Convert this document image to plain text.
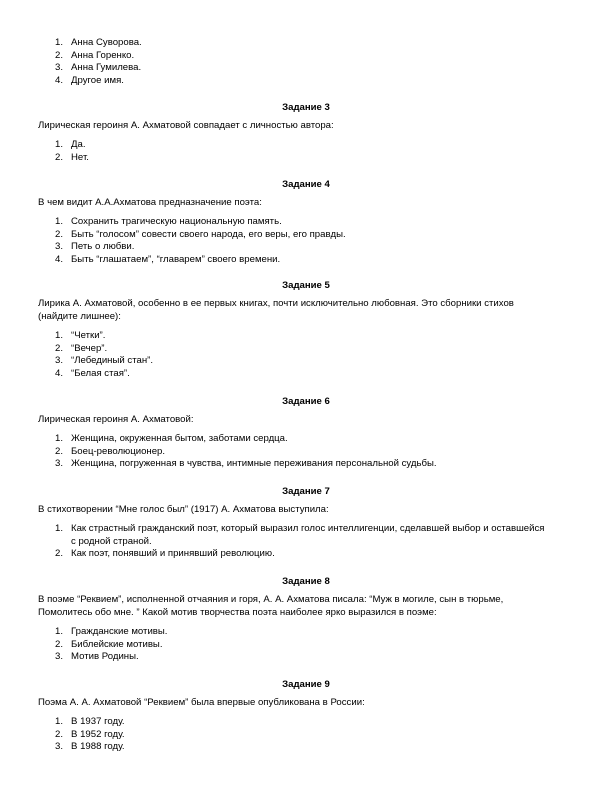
1. Анна Суворова.
2. Анна Горенко.
3. Анна Гумилева.
4. Другое имя.
Задание 3
Лирическая героиня А. Ахматовой совпадает с личностью автора:
1. Да.
2. Нет.
Задание 4
В чем видит А.А.Ахматова предназначение поэта:
1. Сохранить трагическую национальную память.
2. Быть “голосом” совести своего народа, его веры, его правды.
3. Петь о любви.
4. Быть “глашатаем”, “главарем” своего времени.
Задание 5
Лирика А. Ахматовой, особенно в ее первых книгах, почти исключительно любовная. Это сборники стихов
(найдите лишнее):
1. “Четки”.
2. “Вечер”.
3. “Лебединый стан”.
4. “Белая стая”.
Задание 6
Лирическая героиня А. Ахматовой:
1. Женщина, окруженная бытом, заботами сердца.
2. Боец-революционер.
3. Женщина, погруженная в чувства, интимные переживания персональной судьбы.
Задание 7
В стихотворении “Мне голос был” (1917) А. Ахматова выступила:
1. Как страстный гражданский поэт, который выразил голос интеллигенции, сделавшей выбор и оставшейся
с родной страной.
2. Как поэт, понявший и принявший революцию.
Задание 8
В поэме “Реквием”, исполненной отчаяния и горя, А. А. Ахматова писала: “Муж в могиле, сын в тюрьме,
Помолитесь обо мне. ” Какой мотив творчества поэта наиболее ярко выразился в поэме:
1. Гражданские мотивы.
2. Библейские мотивы.
3. Мотив Родины.
Задание 9
Поэма А. А. Ахматовой “Реквием” была впервые опубликована в России:
1. В 1937 году.
2. В 1952 году.
3. В 1988 году.
